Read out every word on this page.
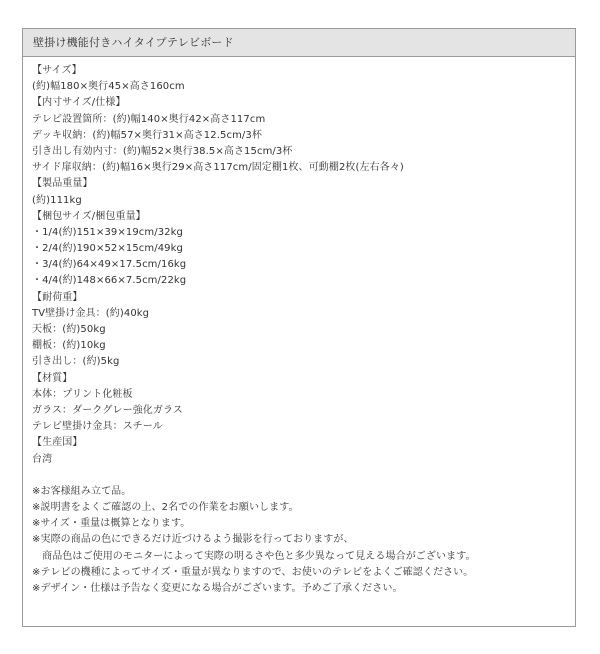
壁掛け機能付きハイタイプテレビボード
【サイズ】
(約)幅180×奥行45×高さ160cm
【内寸サイズ/仕様】
テレビ設置箇所：(約)幅140×奥行42×高さ117cm
デッキ収納：(約)幅57×奥行31×高さ12.5cm/3杯
引き出し有効内寸：(約)幅52×奥行38.5×高さ15cm/3杯
サイド扉収納：(約)幅16×奥行29×高さ117cm/固定棚1枚、可動棚2枚(左右各々)
【製品重量】
(約)111kg
【梱包サイズ/梱包重量】
・1/4(約)151×39×19cm/32kg
・2/4(約)190×52×15cm/49kg
・3/4(約)64×49×17.5cm/16kg
・4/4(約)148×66×7.5cm/22kg
【耐荷重】
TV壁掛け金具：(約)40kg
天板：(約)50kg
棚板：(約)10kg
引き出し：(約)5kg
【材質】
本体：プリント化粧板
ガラス：ダークグレー強化ガラス
テレビ壁掛け金具：スチール
【生産国】
台湾
※お客様組み立て品。
※説明書をよくご確認の上、2名での作業をお願いします。
※サイズ・重量は概算となります。
※実際の商品の色にできるだけ近づけるよう撮影を行っておりますが、
　商品色はご使用のモニターによって実際の明るさや色と多少異なって見える場合がございます。
※テレビの機種によってサイズ・重量が異なりますので、お使いのテレビをよくご確認ください。
※デザイン・仕様は予告なく変更になる場合がございます。予めご了承ください。
